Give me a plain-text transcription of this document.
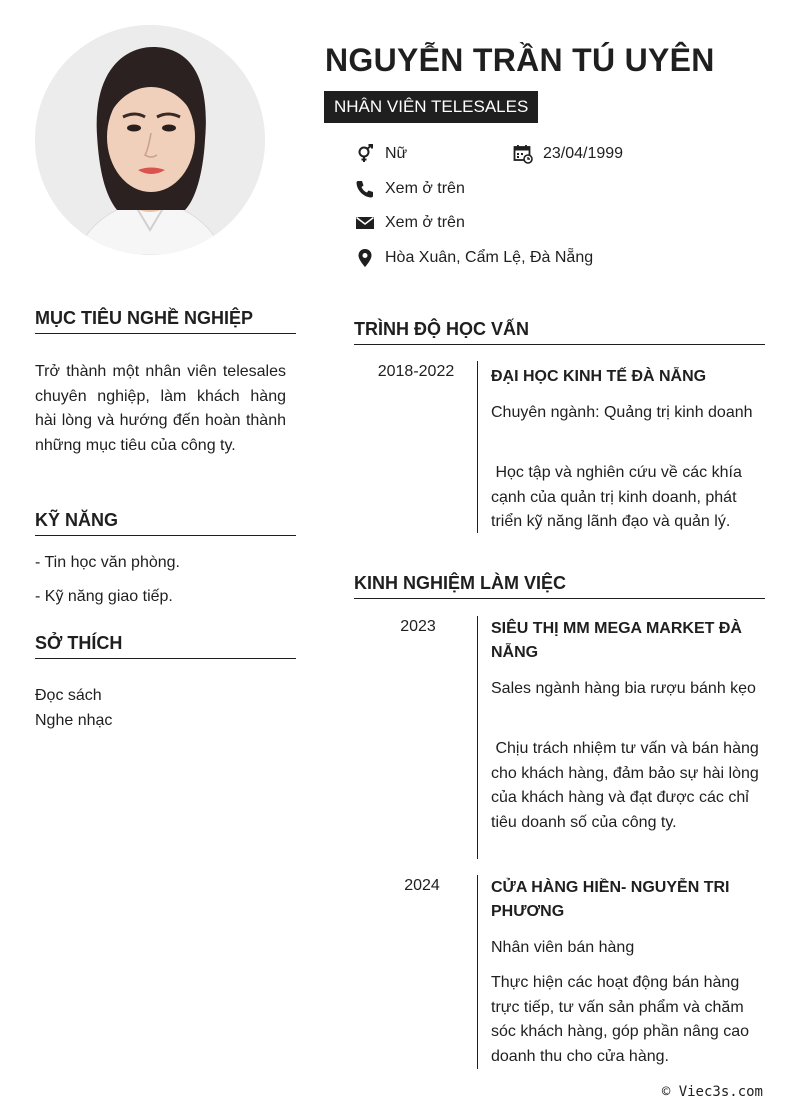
NGUYỄN TRẦN TÚ UYÊN
NHÂN VIÊN TELESALES
Nữ	23/04/1999
Xem ở trên
Xem ở trên
Hòa Xuân, Cẩm Lệ, Đà Nẵng
MỤC TIÊU NGHỀ NGHIỆP
Trở thành một nhân viên telesales chuyên nghiệp, làm khách hàng hài lòng và hướng đến hoàn thành những mục tiêu của công ty.
KỸ NĂNG
- Tin học văn phòng.
- Kỹ năng giao tiếp.
SỞ THÍCH
Đọc sách
Nghe nhạc
TRÌNH ĐỘ HỌC VẤN
2018-2022	ĐẠI HỌC KINH TẾ ĐÀ NẴNG
Chuyên ngành: Quảng trị kinh doanh
Học tập và nghiên cứu về các khía cạnh của quản trị kinh doanh, phát triển kỹ năng lãnh đạo và quản lý.
KINH NGHIỆM LÀM VIỆC
2023	SIÊU THỊ MM MEGA MARKET ĐÀ NẴNG
Sales ngành hàng bia rượu bánh kẹo
Chịu trách nhiệm tư vấn và bán hàng cho khách hàng, đảm bảo sự hài lòng của khách hàng và đạt được các chỉ tiêu doanh số của công ty.
2024	CỬA HÀNG HIỀN- NGUYỄN TRI PHƯƠNG
Nhân viên bán hàng
Thực hiện các hoạt động bán hàng trực tiếp, tư vấn sản phẩm và chăm sóc khách hàng, góp phần nâng cao doanh thu cho cửa hàng.
© Viec3s.com
